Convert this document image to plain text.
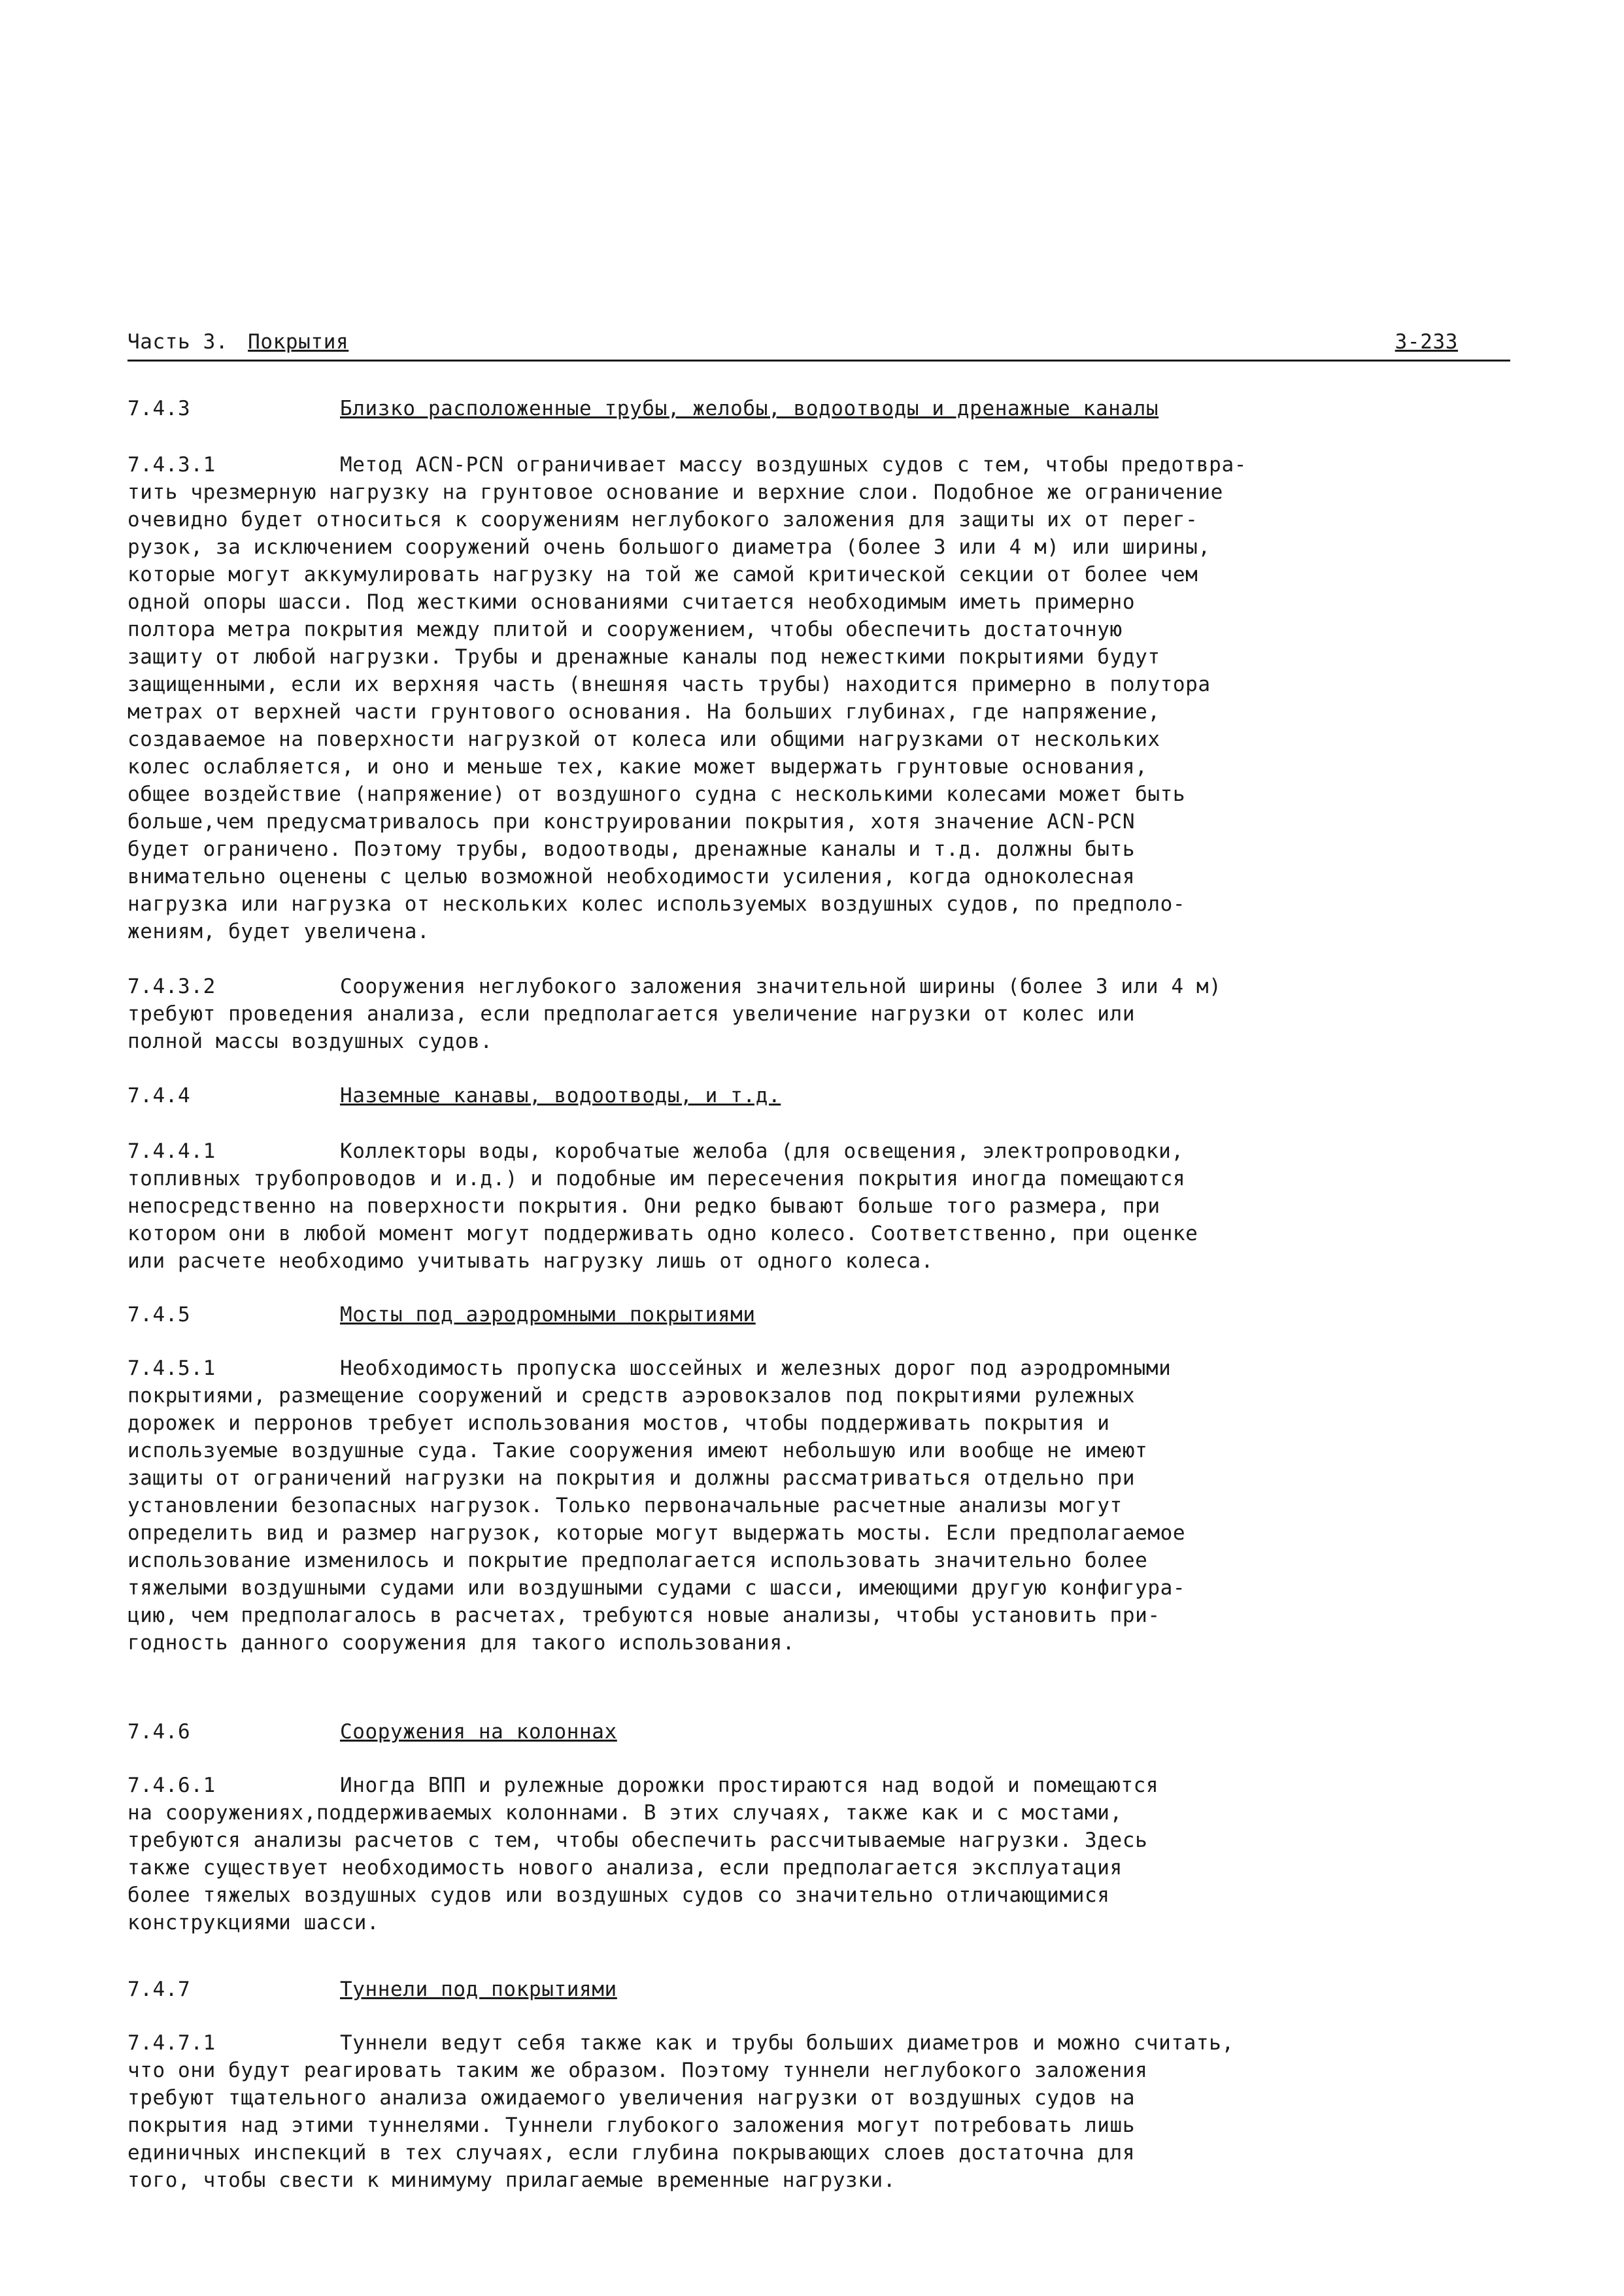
Часть 3. Покрытия	3-233
7.4.3	Близко расположенные трубы, желобы, водоотводы и дренажные каналы
7.4.3.1	Метод ACN-PCN ограничивает массу воздушных судов с тем, чтобы предотвра-
тить чрезмерную нагрузку на грунтовое основание и верхние слои. Подобное же ограничение
очевидно будет относиться к сооружениям неглубокого заложения для защиты их от перег-
рузок, за исключением сооружений очень большого диаметра (более 3 или 4 м) или ширины,
которые могут аккумулировать нагрузку на той же самой критической секции от более чем
одной опоры шасси. Под жесткими основаниями считается необходимым иметь примерно
полтора метра покрытия между плитой и сооружением, чтобы обеспечить достаточную
защиту от любой нагрузки. Трубы и дренажные каналы под нежесткими покрытиями будут
защищенными, если их верхняя часть (внешняя часть трубы) находится примерно в полутора
метрах от верхней части грунтового основания. На больших глубинах, где напряжение,
создаваемое на поверхности нагрузкой от колеса или общими нагрузками от нескольких
колес ослабляется, и оно и меньше тех, какие может выдержать грунтовые основания,
общее воздействие (напряжение) от воздушного судна с несколькими колесами может быть
больше,чем предусматривалось при конструировании покрытия, хотя значение ACN-PCN
будет ограничено. Поэтому трубы, водоотводы, дренажные каналы и т.д. должны быть
внимательно оценены с целью возможной необходимости усиления, когда одноколесная
нагрузка или нагрузка от нескольких колес используемых воздушных судов, по предполо-
жениям, будет увеличена.
7.4.3.2	Сооружения неглубокого заложения значительной ширины (более 3 или 4 м)
требуют проведения анализа, если предполагается увеличение нагрузки от колес или
полной массы воздушных судов.
7.4.4	Наземные канавы, водоотводы, и т.д.
7.4.4.1	Коллекторы воды, коробчатые желоба (для освещения, электропроводки,
топливных трубопроводов и и.д.) и подобные им пересечения покрытия иногда помещаются
непосредственно на поверхности покрытия. Они редко бывают больше того размера, при
котором они в любой момент могут поддерживать одно колесо. Соответственно, при оценке
или расчете необходимо учитывать нагрузку лишь от одного колеса.
7.4.5	Мосты под аэродромными покрытиями
7.4.5.1	Необходимость пропуска шоссейных и железных дорог под аэродромными
покрытиями, размещение сооружений и средств аэровокзалов под покрытиями рулежных
дорожек и перронов требует использования мостов, чтобы поддерживать покрытия и
используемые воздушные суда. Такие сооружения имеют небольшую или вообще не имеют
защиты от ограничений нагрузки на покрытия и должны рассматриваться отдельно при
установлении безопасных нагрузок. Только первоначальные расчетные анализы могут
определить вид и размер нагрузок, которые могут выдержать мосты. Если предполагаемое
использование изменилось и покрытие предполагается использовать значительно более
тяжелыми воздушными судами или воздушными судами с шасси, имеющими другую конфигура-
цию, чем предполагалось в расчетах, требуются новые анализы, чтобы установить при-
годность данного сооружения для такого использования.
7.4.6	Сооружения на колоннах
7.4.6.1	Иногда ВПП и рулежные дорожки простираются над водой и помещаются
на сооружениях,поддерживаемых колоннами. В этих случаях, также как и с мостами,
требуются анализы расчетов с тем, чтобы обеспечить рассчитываемые нагрузки. Здесь
также существует необходимость нового анализа, если предполагается эксплуатация
более тяжелых воздушных судов или воздушных судов со значительно отличающимися
конструкциями шасси.
7.4.7	Туннели под покрытиями
7.4.7.1	Туннели ведут себя также как и трубы больших диаметров и можно считать,
что они будут реагировать таким же образом. Поэтому туннели неглубокого заложения
требуют тщательного анализа ожидаемого увеличения нагрузки от воздушных судов на
покрытия над этими туннелями. Туннели глубокого заложения могут потребовать лишь
единичных инспекций в тех случаях, если глубина покрывающих слоев достаточна для
того, чтобы свести к минимуму прилагаемые временные нагрузки.
